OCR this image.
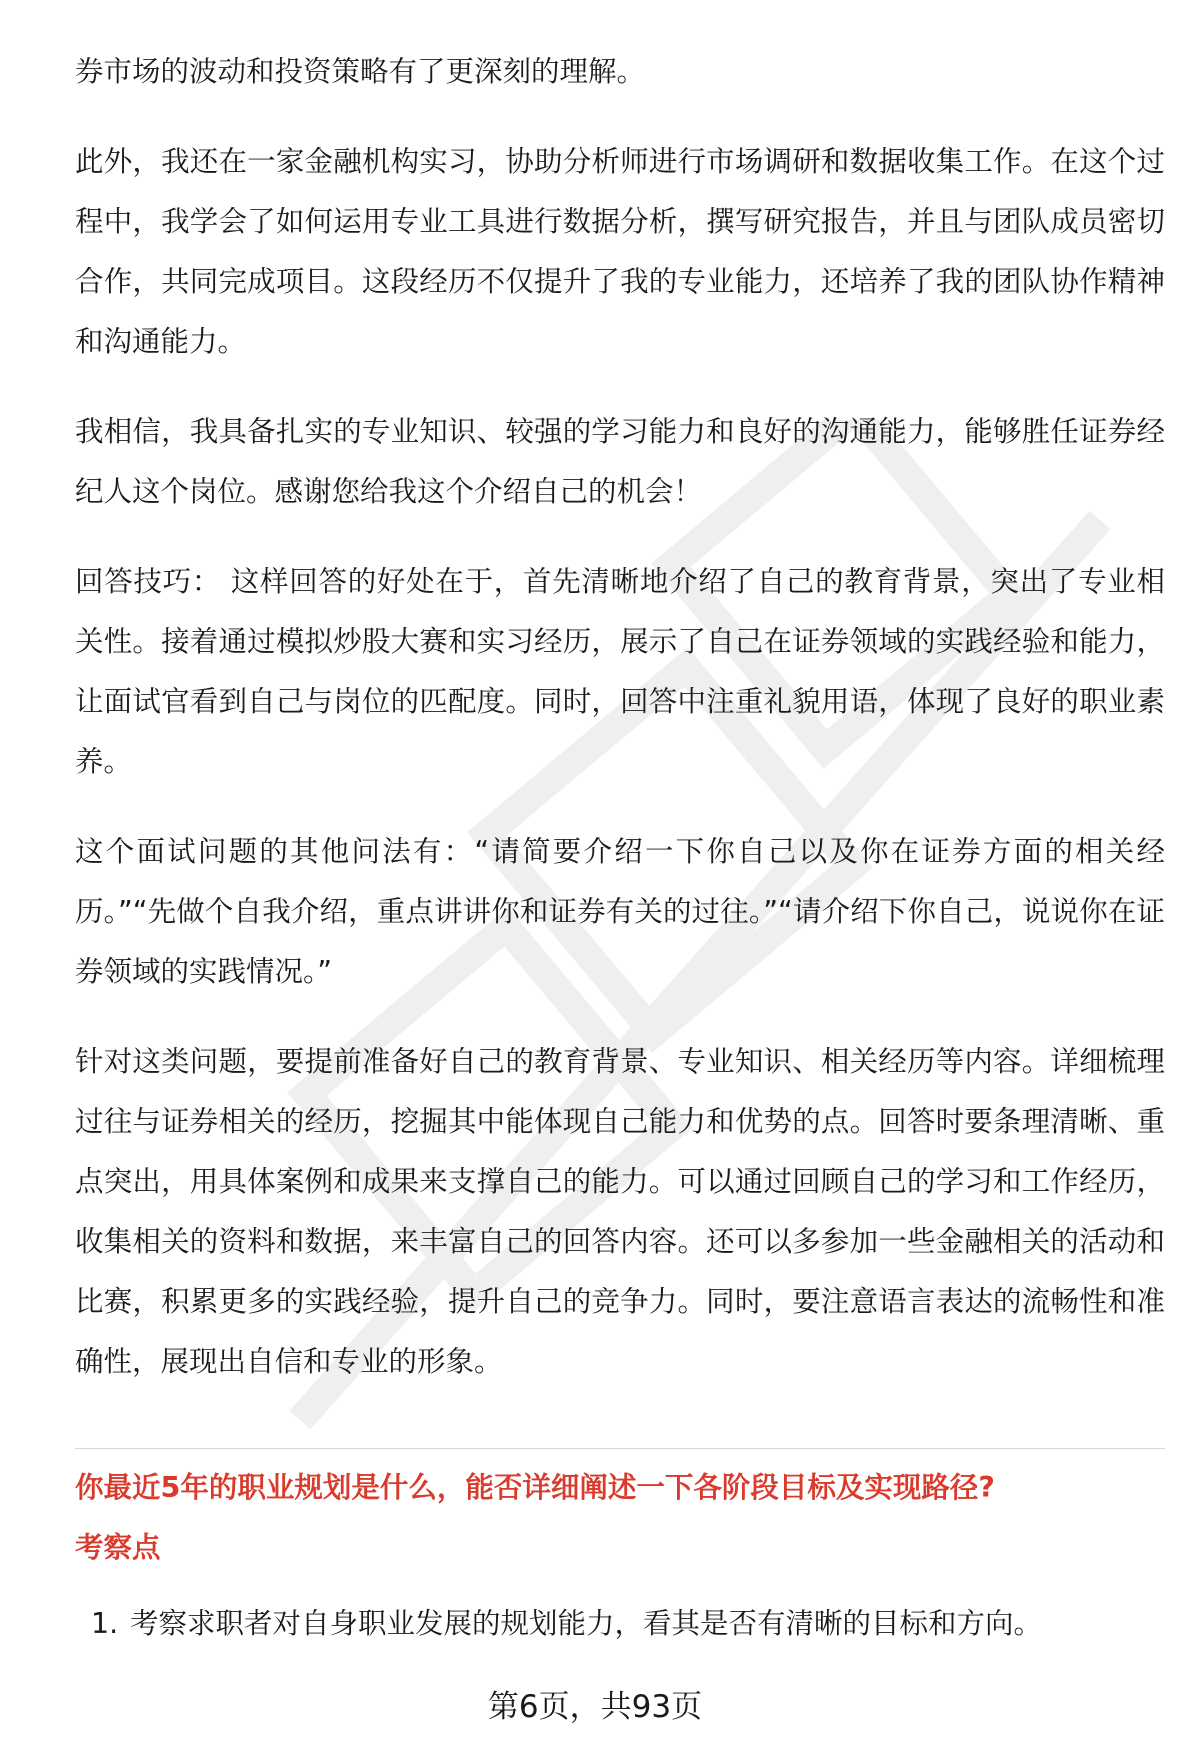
券市场的波动和投资策略有了更深刻的理解。

此外，我还在一家金融机构实习，协助分析师进行市场调研和数据收集工作。在这个过程中，我学会了如何运用专业工具进行数据分析，撰写研究报告，并且与团队成员密切合作，共同完成项目。这段经历不仅提升了我的专业能力，还培养了我的团队协作精神和沟通能力。

我相信，我具备扎实的专业知识、较强的学习能力和良好的沟通能力，能够胜任证券经纪人这个岗位。感谢您给我这个介绍自己的机会！

回答技巧： 这样回答的好处在于，首先清晰地介绍了自己的教育背景，突出了专业相关性。接着通过模拟炒股大赛和实习经历，展示了自己在证券领域的实践经验和能力，让面试官看到自己与岗位的匹配度。同时，回答中注重礼貌用语，体现了良好的职业素养。

这个面试问题的其他问法有：“请简要介绍一下你自己以及你在证券方面的相关经历。”“先做个自我介绍，重点讲讲你和证券有关的过往。”“请介绍下你自己，说说你在证券领域的实践情况。”

针对这类问题，要提前准备好自己的教育背景、专业知识、相关经历等内容。详细梳理过往与证券相关的经历，挖掘其中能体现自己能力和优势的点。回答时要条理清晰、重点突出，用具体案例和成果来支撑自己的能力。可以通过回顾自己的学习和工作经历，收集相关的资料和数据，来丰富自己的回答内容。还可以多参加一些金融相关的活动和比赛，积累更多的实践经验，提升自己的竞争力。同时，要注意语言表达的流畅性和准确性，展现出自信和专业的形象。

你最近5年的职业规划是什么，能否详细阐述一下各阶段目标及实现路径?
考察点
1. 考察求职者对自身职业发展的规划能力，看其是否有清晰的目标和方向。
第6页，共93页
